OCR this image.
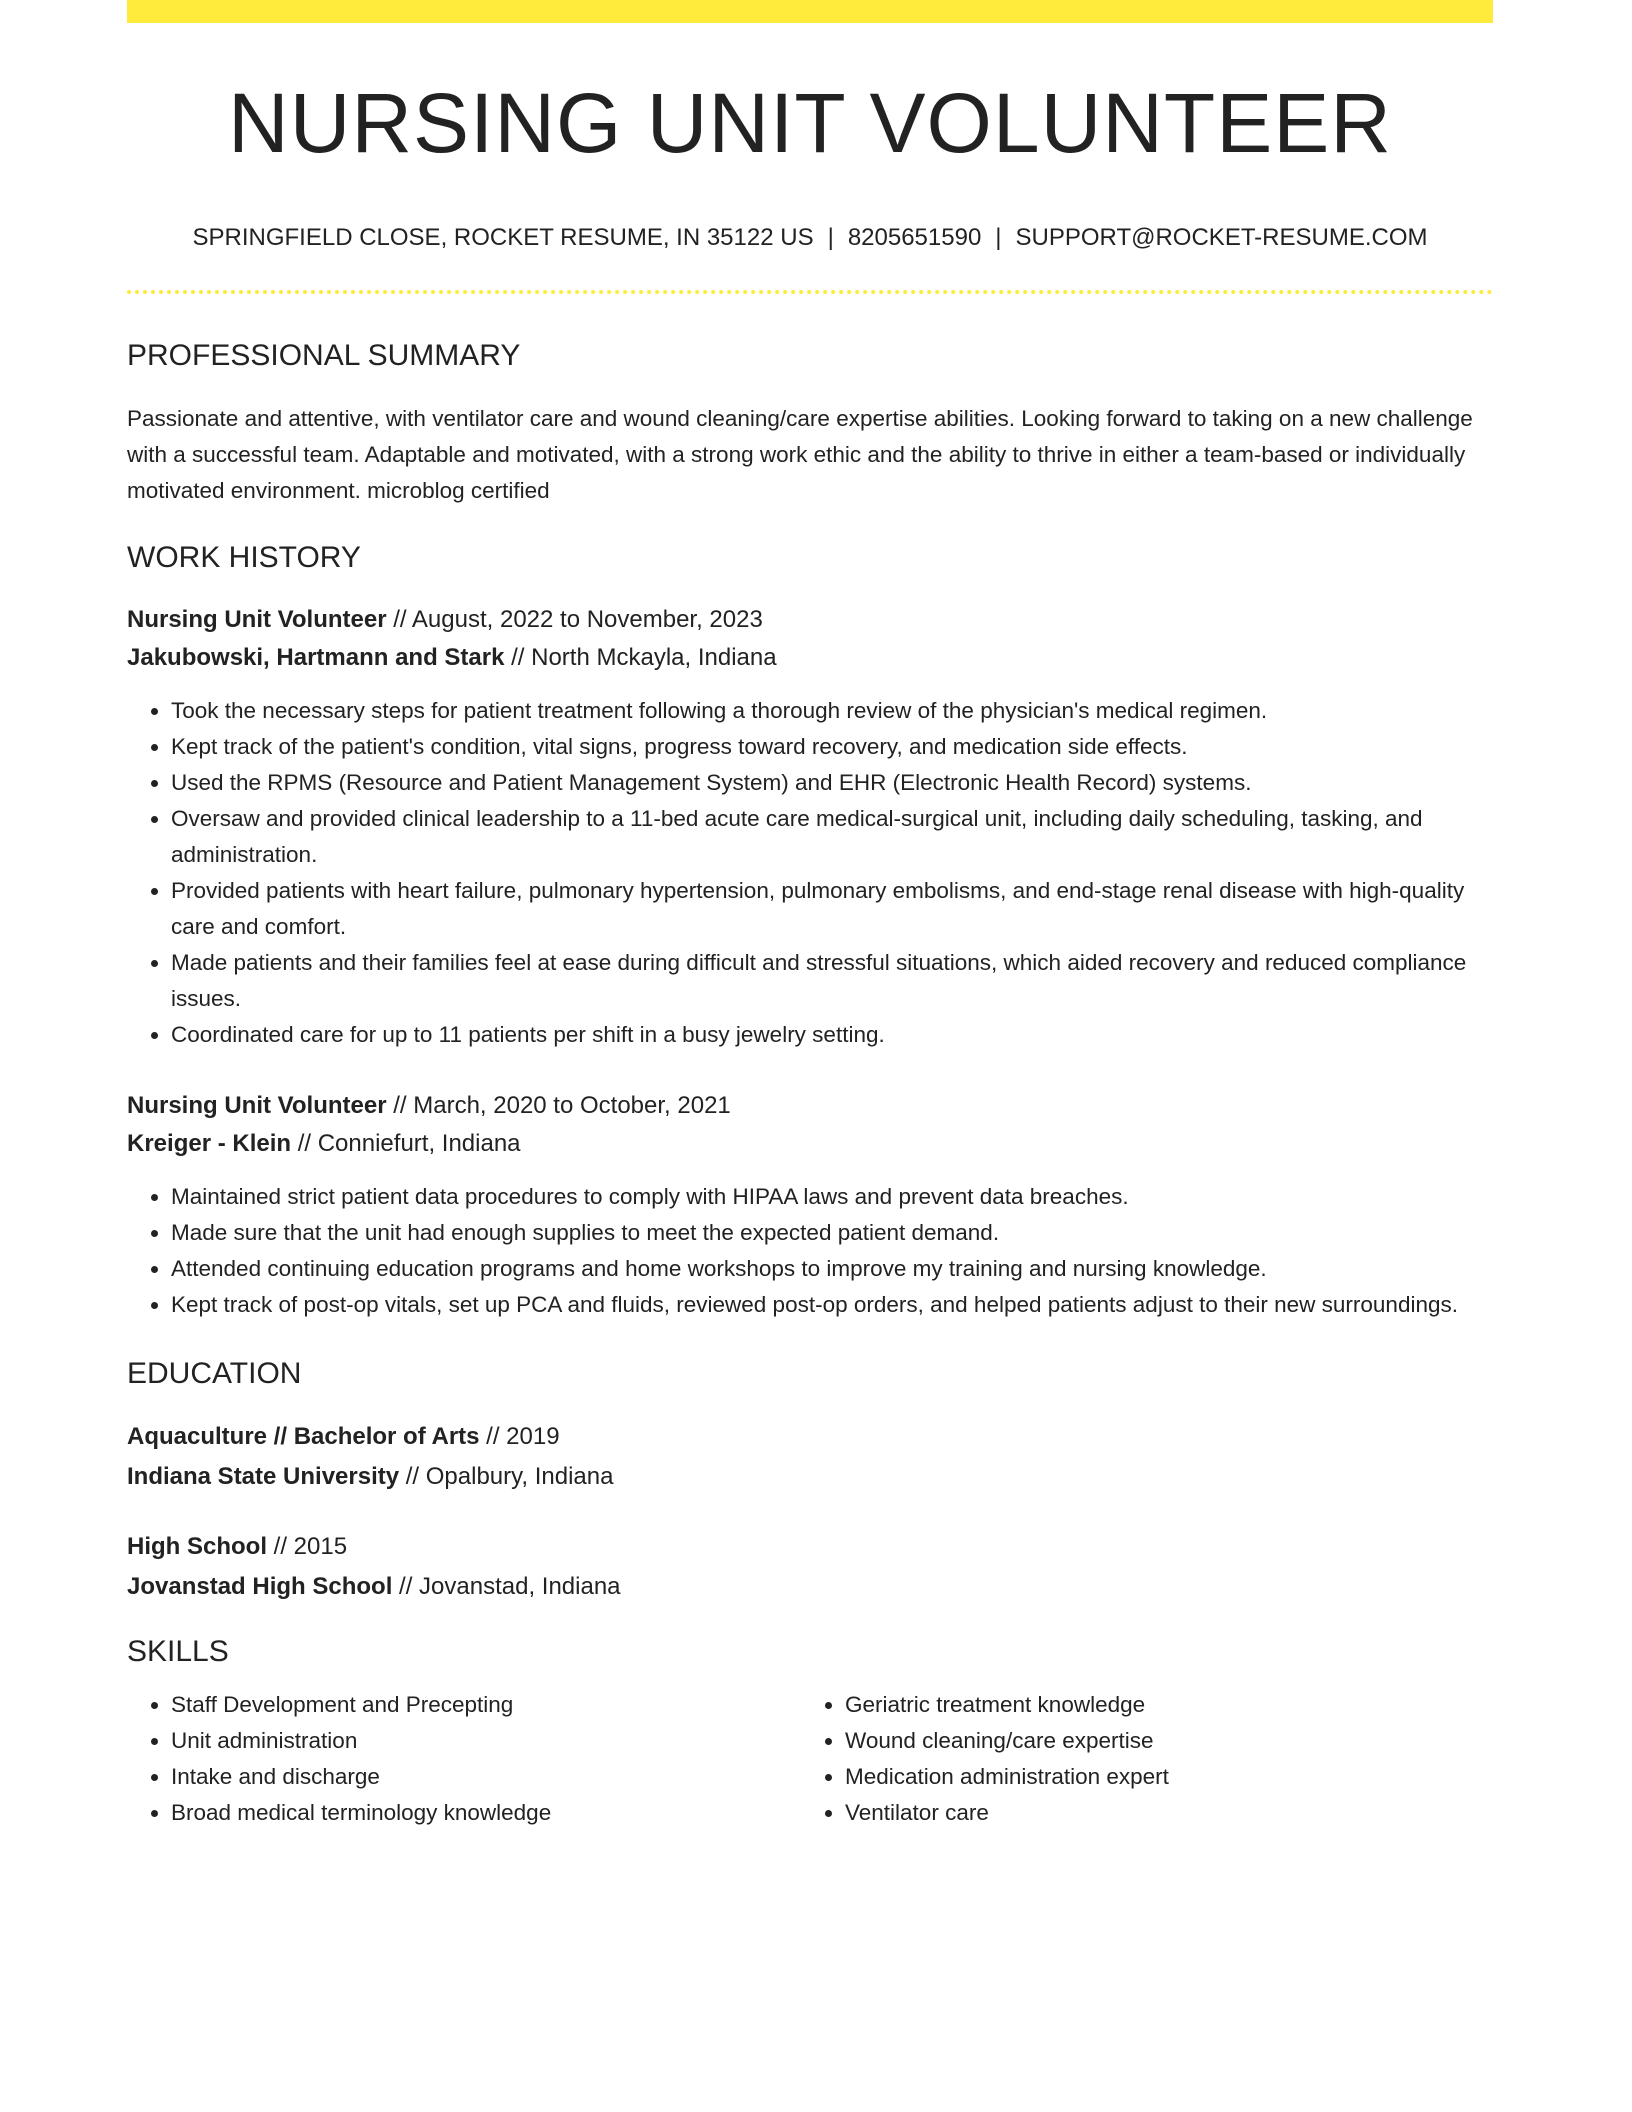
NURSING UNIT VOLUNTEER
SPRINGFIELD CLOSE, ROCKET RESUME, IN 35122 US | 8205651590 | SUPPORT@ROCKET-RESUME.COM
PROFESSIONAL SUMMARY

Passionate and attentive, with ventilator care and wound cleaning/care expertise abilities. Looking forward to taking on a new challenge with a successful team. Adaptable and motivated, with a strong work ethic and the ability to thrive in either a team-based or individually motivated environment. microblog certified

WORK HISTORY
Nursing Unit Volunteer // August, 2022 to November, 2023
Jakubowski, Hartmann and Stark // North Mckayla, Indiana
• Took the necessary steps for patient treatment following a thorough review of the physician's medical regimen.
• Kept track of the patient's condition, vital signs, progress toward recovery, and medication side effects.
• Used the RPMS (Resource and Patient Management System) and EHR (Electronic Health Record) systems.
• Oversaw and provided clinical leadership to a 11-bed acute care medical-surgical unit, including daily scheduling, tasking, and administration.
• Provided patients with heart failure, pulmonary hypertension, pulmonary embolisms, and end-stage renal disease with high-quality care and comfort.
• Made patients and their families feel at ease during difficult and stressful situations, which aided recovery and reduced compliance issues.
• Coordinated care for up to 11 patients per shift in a busy jewelry setting.
Nursing Unit Volunteer // March, 2020 to October, 2021
Kreiger - Klein // Conniefurt, Indiana
• Maintained strict patient data procedures to comply with HIPAA laws and prevent data breaches.
• Made sure that the unit had enough supplies to meet the expected patient demand.
• Attended continuing education programs and home workshops to improve my training and nursing knowledge.
• Kept track of post-op vitals, set up PCA and fluids, reviewed post-op orders, and helped patients adjust to their new surroundings.
EDUCATION
Aquaculture // Bachelor of Arts // 2019
Indiana State University // Opalbury, Indiana
High School // 2015
Jovanstad High School // Jovanstad, Indiana
SKILLS
• Staff Development and Precepting
• Unit administration
• Intake and discharge
• Broad medical terminology knowledge
• Geriatric treatment knowledge
• Wound cleaning/care expertise
• Medication administration expert
• Ventilator care
